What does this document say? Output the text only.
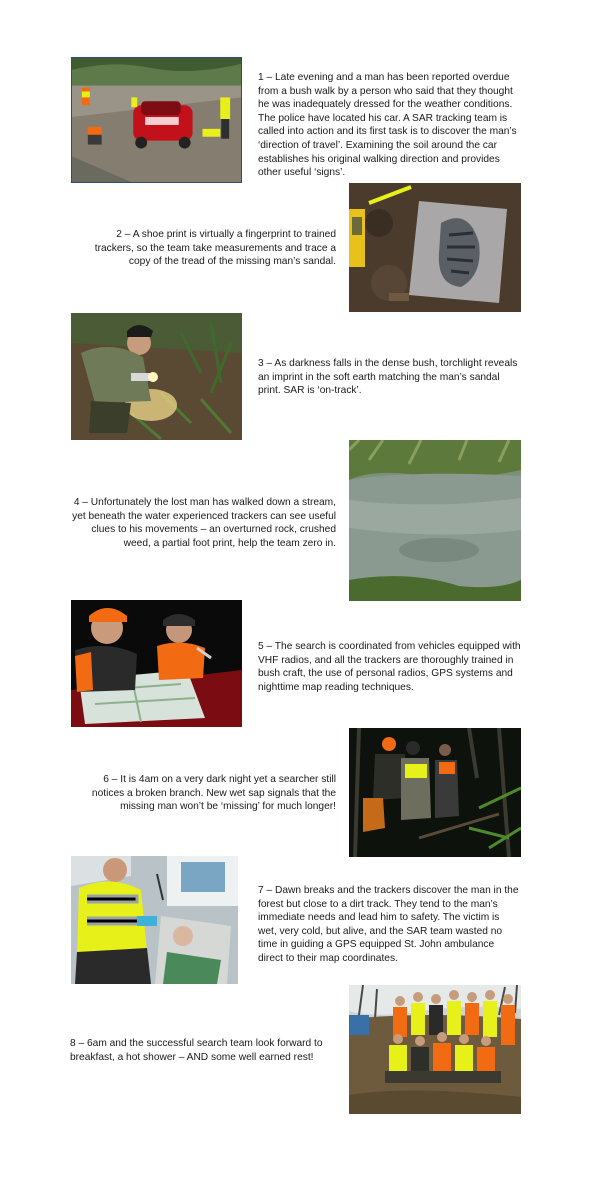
1 – Late evening and a man has been reported overdue from a bush walk by a person who said that they thought he was inadequately dressed for the weather conditions. The police have located his car. A SAR tracking team is called into action and its first task is to discover the man’s ‘direction of travel’. Examining the soil around the car establishes his original walking direction and provides other useful ‘signs’.

2 – A shoe print is virtually a fingerprint to trained trackers, so the team take measurements and trace a copy of the tread of the missing man’s sandal.

3 – As darkness falls in the dense bush, torchlight reveals an imprint in the soft earth matching the man’s sandal print. SAR is ‘on-track’.

4 – Unfortunately the lost man has walked down a stream, yet beneath the water experienced trackers can see useful clues to his movements – an overturned rock, crushed weed, a partial foot print, help the team zero in.

5 – The search is coordinated from vehicles equipped with VHF radios, and all the trackers are thoroughly trained in bush craft, the use of personal radios, GPS systems and nighttime map reading techniques.

6 – It is 4am on a very dark night yet a searcher still notices a broken branch. New wet sap signals that the missing man won’t be ‘missing’ for much longer!

7 – Dawn breaks and the trackers discover the man in the forest but close to a dirt track. They tend to the man’s immediate needs and lead him to safety. The victim is wet, very cold, but alive, and the SAR team wasted no time in guiding a GPS equipped St. John ambulance direct to their map coordinates.

8 – 6am and the successful search team look forward to breakfast, a hot shower – AND some well earned rest!
